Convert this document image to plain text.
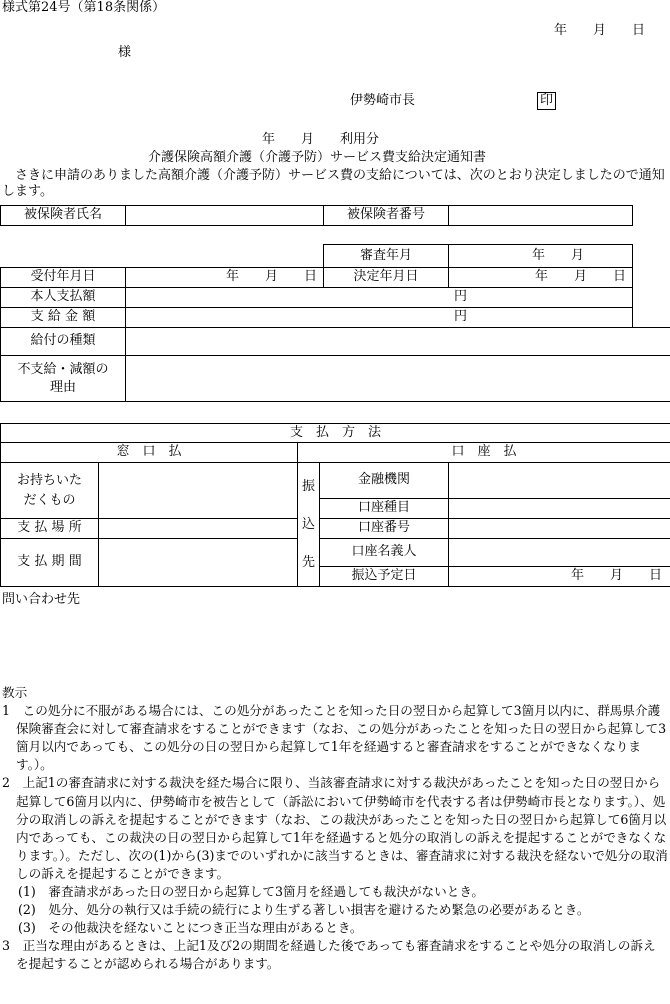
様式第24号（第18条関係）
年　　月　　日
様
伊勢崎市長	印
年　　月　　利用分
介護保険高額介護（介護予防）サービス費支給決定通知書
さきに申請のありました高額介護（介護予防）サービス費の支給については、次のとおり決定しましたので通知します。
被保険者氏名		被保険者番号		

		審査年月	年　　月	
受付年月日	年　　月　　日	決定年月日	年　　月　　日	
本人支払額	円			
支 給 金 額	円			
給付の種類				
不支給・減額の理由				
支　払　方　法				
窓　口　払		口　座　払		
お持ちいただくもの		振込先	金融機関	
			口座種目	
支 払 場 所			口座番号	
支 払 期 間			口座名義人	
			振込予定日	年　　月　　日
問い合わせ先

教示

1　この処分に不服がある場合には、この処分があったことを知った日の翌日から起算して3箇月以内に、群馬県介護保険審査会に対して審査請求をすることができます（なお、この処分があったことを知った日の翌日から起算して3箇月以内であっても、この処分の日の翌日から起算して1年を経過すると審査請求をすることができなくなります。）。

2　上記1の審査請求に対する裁決を経た場合に限り、当該審査請求に対する裁決があったことを知った日の翌日から起算して6箇月以内に、伊勢崎市を被告として（訴訟において伊勢崎市を代表する者は伊勢崎市長となります。）、処分の取消しの訴えを提起することができます（なお、この裁決があったことを知った日の翌日から起算して6箇月以内であっても、この裁決の日の翌日から起算して1年を経過すると処分の取消しの訴えを提起することができなくなります。）。ただし、次の(1)から(3)までのいずれかに該当するときは、審査請求に対する裁決を経ないで処分の取消しの訴えを提起することができます。

(1)　審査請求があった日の翌日から起算して3箇月を経過しても裁決がないとき。

(2)　処分、処分の執行又は手続の続行により生ずる著しい損害を避けるため緊急の必要があるとき。

(3)　その他裁決を経ないことにつき正当な理由があるとき。

3　正当な理由があるときは、上記1及び2の期間を経過した後であっても審査請求をすることや処分の取消しの訴えを提起することが認められる場合があります。
